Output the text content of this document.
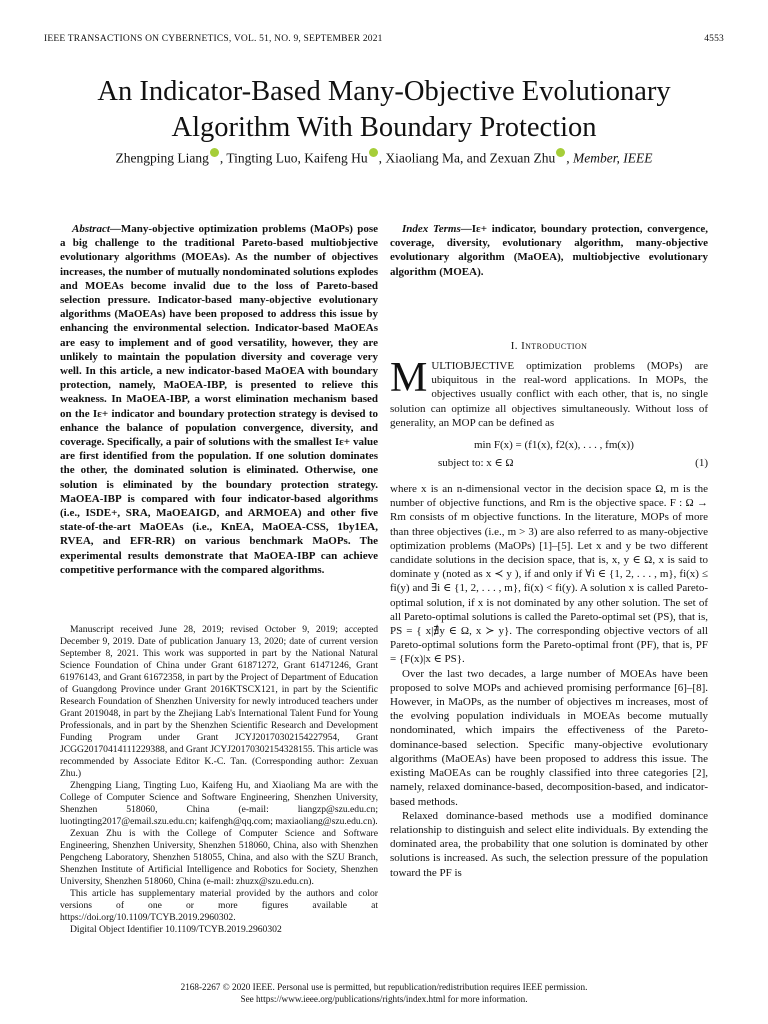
IEEE TRANSACTIONS ON CYBERNETICS, VOL. 51, NO. 9, SEPTEMBER 2021	4553
An Indicator-Based Many-Objective Evolutionary
Algorithm With Boundary Protection
Zhengping Liang , Tingting Luo, Kaifeng Hu , Xiaoliang Ma, and Zexuan Zhu , Member, IEEE
Abstract—Many-objective optimization problems (MaOPs) pose a big challenge to the traditional Pareto-based multiobjective evolutionary algorithms (MOEAs). As the number of objectives increases, the number of mutually nondominated solutions explodes and MOEAs become invalid due to the loss of Pareto-based selection pressure. Indicator-based many-objective evolutionary algorithms (MaOEAs) have been proposed to address this issue by enhancing the environmental selection. Indicator-based MaOEAs are easy to implement and of good versatility, however, they are unlikely to maintain the population diversity and coverage very well. In this article, a new indicator-based MaOEA with boundary protection, namely, MaOEA-IBP, is presented to relieve this weakness. In MaOEA-IBP, a worst elimination mechanism based on the Iε+ indicator and boundary protection strategy is devised to enhance the balance of population convergence, diversity, and coverage. Specifically, a pair of solutions with the smallest Iε+ value are first identified from the population. If one solution dominates the other, the dominated solution is eliminated. Otherwise, one solution is eliminated by the boundary protection strategy. MaOEA-IBP is compared with four indicator-based algorithms (i.e., ISDE+, SRA, MaOEAIGD, and ARMOEA) and other five state-of-the-art MaOEAs (i.e., KnEA, MaOEA-CSS, 1by1EA, RVEA, and EFR-RR) on various benchmark MaOPs. The experimental results demonstrate that MaOEA-IBP can achieve competitive performance with the compared algorithms.

Manuscript received June 28, 2019; revised October 9, 2019; accepted December 9, 2019. Date of publication January 13, 2020; date of current version September 8, 2021. This work was supported in part by the National Natural Science Foundation of China under Grant 61871272, Grant 61471246, Grant 61976143, and Grant 61672358, in part by the Project of Department of Education of Guangdong Province under Grant 2016KTSCX121, in part by the Scientific Research Foundation of Shenzhen University for newly introduced teachers under Grant 2019048, in part by the Zhejiang Lab's International Talent Fund for Young Professionals, and in part by the Shenzhen Scientific Research and Development Funding Program under Grant JCYJ20170302154227954, Grant JCGG20170414111229388, and Grant JCYJ20170302154328155. This article was recommended by Associate Editor K.-C. Tan. (Corresponding author: Zexuan Zhu.)

Zhengping Liang, Tingting Luo, Kaifeng Hu, and Xiaoliang Ma are with the College of Computer Science and Software Engineering, Shenzhen University, Shenzhen 518060, China (e-mail: liangzp@szu.edu.cn; luotingting2017@email.szu.edu.cn; kaifengh@qq.com; maxiaoliang@szu.edu.cn).

Zexuan Zhu is with the College of Computer Science and Software Engineering, Shenzhen University, Shenzhen 518060, China, also with Shenzhen Pengcheng Laboratory, Shenzhen 518055, China, and also with the SZU Branch, Shenzhen Institute of Artificial Intelligence and Robotics for Society, Shenzhen University, Shenzhen 518060, China (e-mail: zhuzx@szu.edu.cn).

This article has supplementary material provided by the authors and color versions of one or more figures available at https://doi.org/10.1109/TCYB.2019.2960302.

Digital Object Identifier 10.1109/TCYB.2019.2960302

Index Terms—Iε+ indicator, boundary protection, convergence, coverage, diversity, evolutionary algorithm, many-objective evolutionary algorithm (MaOEA), multiobjective evolutionary algorithm (MOEA).
I. Introduction

MULTIOBJECTIVE optimization problems (MOPs) are ubiquitous in the real-word applications. In MOPs, the objectives usually conflict with each other, that is, no single solution can optimize all objectives simultaneously. Without loss of generality, an MOP can be defined as

min F(x) = (f1(x), f2(x), . . . , fm(x))
subject to: x ∈ Ω	(1)

where x is an n-dimensional vector in the decision space Ω, m is the number of objective functions, and Rm is the objective space. F : Ω → Rm consists of m objective functions. In the literature, MOPs of more than three objectives (i.e., m > 3) are also referred to as many-objective optimization problems (MaOPs) [1]–[5]. Let x and y be two different candidate solutions in the decision space, that is, x, y ∈ Ω, x is said to dominate y (noted as x ≺ y ), if and only if ∀i ∈ {1, 2, . . . , m}, fi(x) ≤ fi(y) and ∃i ∈ {1, 2, . . . , m}, fi(x) < fi(y). A solution x is called Pareto-optimal solution, if x is not dominated by any other solution. The set of all Pareto-optimal solutions is called the Pareto-optimal set (PS), that is, PS = { x|∄y ∈ Ω, x ≻ y}. The corresponding objective vectors of all Pareto-optimal solutions form the Pareto-optimal front (PF), that is, PF = {F(x)|x ∈ PS}.

Over the last two decades, a large number of MOEAs have been proposed to solve MOPs and achieved promising performance [6]–[8]. However, in MaOPs, as the number of objectives m increases, most of the evolving population individuals in MOEAs become mutually nondominated, which impairs the effectiveness of the Pareto-dominance-based selection. Specific many-objective evolutionary algorithms (MaOEAs) have been proposed to address this issue. The existing MaOEAs can be roughly classified into three categories [2], namely, relaxed dominance-based, decomposition-based, and indicator-based methods.

Relaxed dominance-based methods use a modified dominance relationship to distinguish and select elite individuals. By extending the dominated area, the probability that one solution is dominated by other solutions is increased. As such, the selection pressure of the population toward the PF is

2168-2267 © 2020 IEEE. Personal use is permitted, but republication/redistribution requires IEEE permission.
See https://www.ieee.org/publications/rights/index.html for more information.
